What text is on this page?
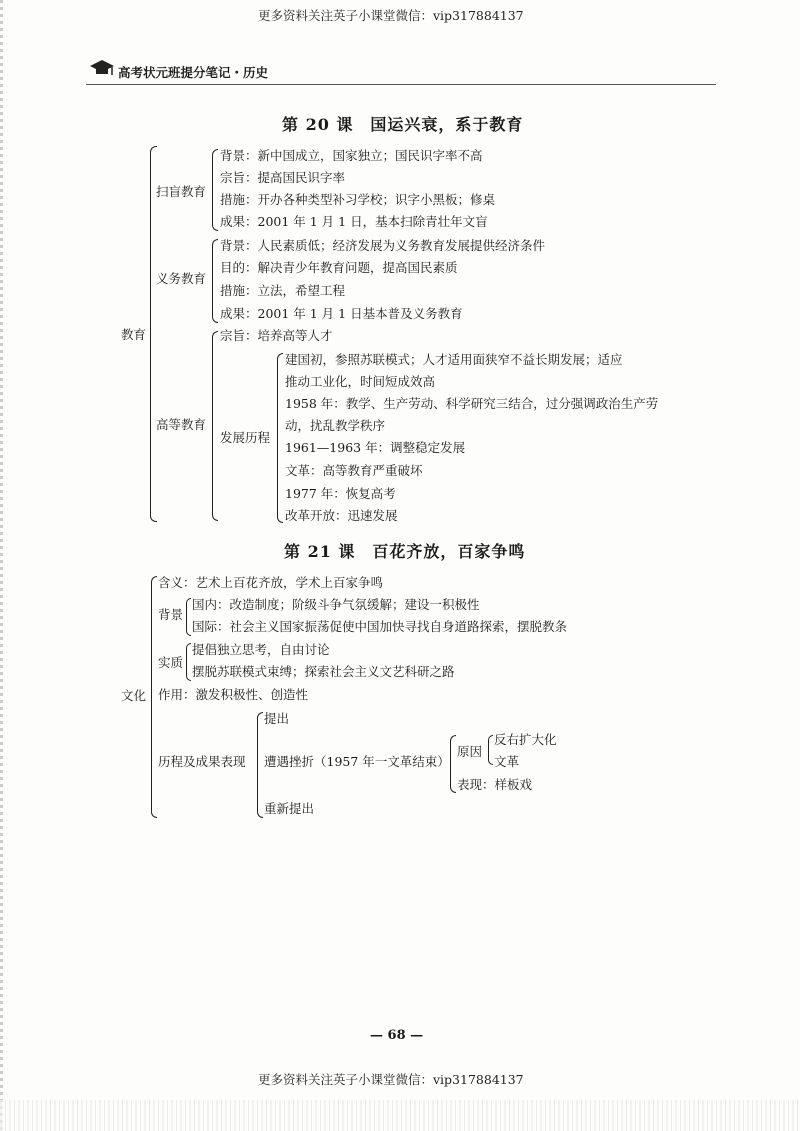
更多资料关注英子小课堂微信：vip317884137
高考状元班提分笔记・历史
第 20 课　国运兴衰，系于教育
教育
扫盲教育
背景：新中国成立，国家独立；国民识字率不高
宗旨：提高国民识字率
措施：开办各种类型补习学校；识字小黑板；修桌
成果：2001 年 1 月 1 日，基本扫除青壮年文盲
义务教育
背景：人民素质低；经济发展为义务教育发展提供经济条件
目的：解决青少年教育问题，提高国民素质
措施：立法，希望工程
成果：2001 年 1 月 1 日基本普及义务教育
高等教育
宗旨：培养高等人才
发展历程
建国初，参照苏联模式；人才适用面狭窄不益长期发展；适应
推动工业化，时间短成效高
1958 年：教学、生产劳动、科学研究三结合，过分强调政治生产劳
动，扰乱教学秩序
1961—1963 年：调整稳定发展
文革：高等教育严重破坏
1977 年：恢复高考
改革开放：迅速发展
第 21 课　百花齐放，百家争鸣
文化
含义：艺术上百花齐放，学术上百家争鸣
背景
国内：改造制度；阶级斗争气氛缓解；建设一积极性
国际：社会主义国家振荡促使中国加快寻找自身道路探索，摆脱教条
实质
提倡独立思考，自由讨论
摆脱苏联模式束缚；探索社会主义文艺科研之路
作用：激发积极性、创造性
历程及成果表现
提出
遭遇挫折（1957 年一文革结束）
重新提出
原因
反右扩大化
文革
表现：样板戏
— 68 —
更多资料关注英子小课堂微信：vip317884137
